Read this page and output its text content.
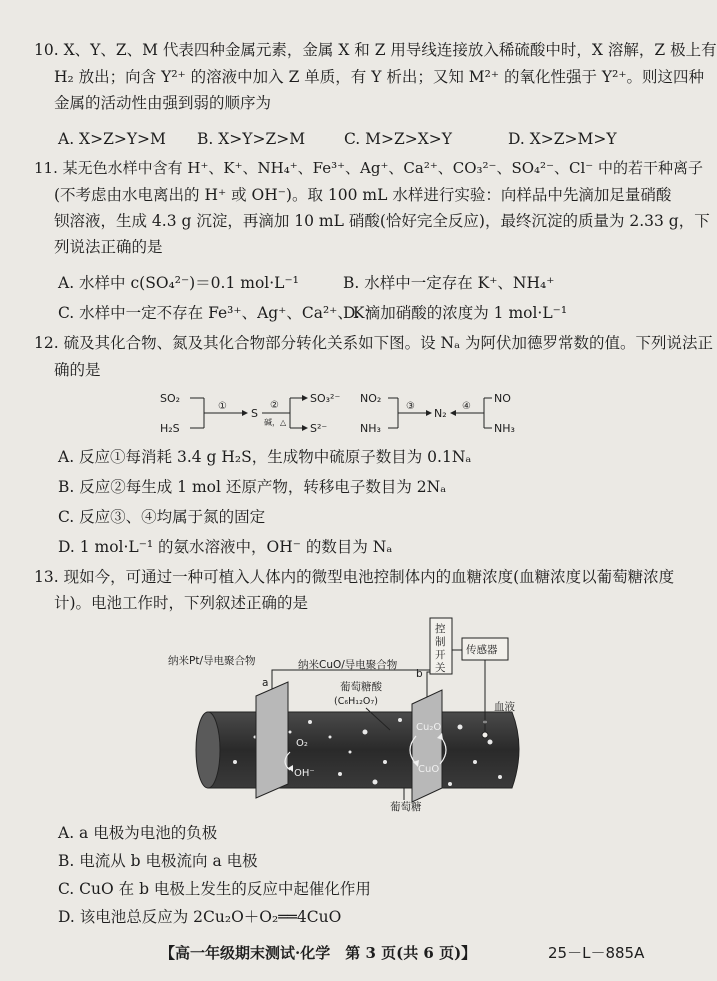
10. X、Y、Z、M 代表四种金属元素，金属 X 和 Z 用导线连接放入稀硫酸中时，X 溶解，Z 极上有
H₂ 放出；向含 Y²⁺ 的溶液中加入 Z 单质，有 Y 析出；又知 M²⁺ 的氧化性强于 Y²⁺。则这四种
金属的活动性由强到弱的顺序为
A. X>Z>Y>M B. X>Y>Z>M	C. M>Z>X>Y	D. X>Z>M>Y
11. 某无色水样中含有 H⁺、K⁺、NH₄⁺、Fe³⁺、Ag⁺、Ca²⁺、CO₃²⁻、SO₄²⁻、Cl⁻ 中的若干种离子
(不考虑由水电离出的 H⁺ 或 OH⁻)。取 100 mL 水样进行实验：向样品中先滴加足量硝酸
钡溶液，生成 4.3 g 沉淀，再滴加 10 mL 硝酸(恰好完全反应)，最终沉淀的质量为 2.33 g，下
列说法正确的是
A. 水样中 c(SO₄²⁻)＝0.1 mol·L⁻¹	B. 水样中一定存在 K⁺、NH₄⁺
C. 水样中一定不存在 Fe³⁺、Ag⁺、Ca²⁺、K⁺
D. 滴加硝酸的浓度为 1 mol·L⁻¹
12. 硫及其化合物、氮及其化合物部分转化关系如下图。设 Nₐ 为阿伏加德罗常数的值。下列说法正
确的是
SO₂
H₂S
①
S
②
碱，△
SO₃²⁻
S²⁻
NO₂
NH₃
③
N₂
④
NO
NH₃
A. 反应①每消耗 3.4 g H₂S，生成物中硫原子数目为 0.1Nₐ
B. 反应②每生成 1 mol 还原产物，转移电子数目为 2Nₐ
C. 反应③、④均属于氮的固定
D. 1 mol·L⁻¹ 的氨水溶液中，OH⁻ 的数目为 Nₐ
13. 现如今，可通过一种可植入人体内的微型电池控制体内的血糖浓度(血糖浓度以葡萄糖浓度
计)。电池工作时，下列叙述正确的是
控
制
开
关
传感器
纳米Pt/导电聚合物	纳米CuO/导电聚合物
a
b
葡萄糖酸
(C₆H₁₂O₇)	血液
葡萄糖
Cu₂O
CuO
O₂
OH⁻
A. a 电极为电池的负极
B. 电流从 b 电极流向 a 电极
C. CuO 在 b 电极上发生的反应中起催化作用
D. 该电池总反应为 2Cu₂O＋O₂══4CuO
【高一年级期末测试·化学　第 3 页(共 6 页)】	25－L－885A
